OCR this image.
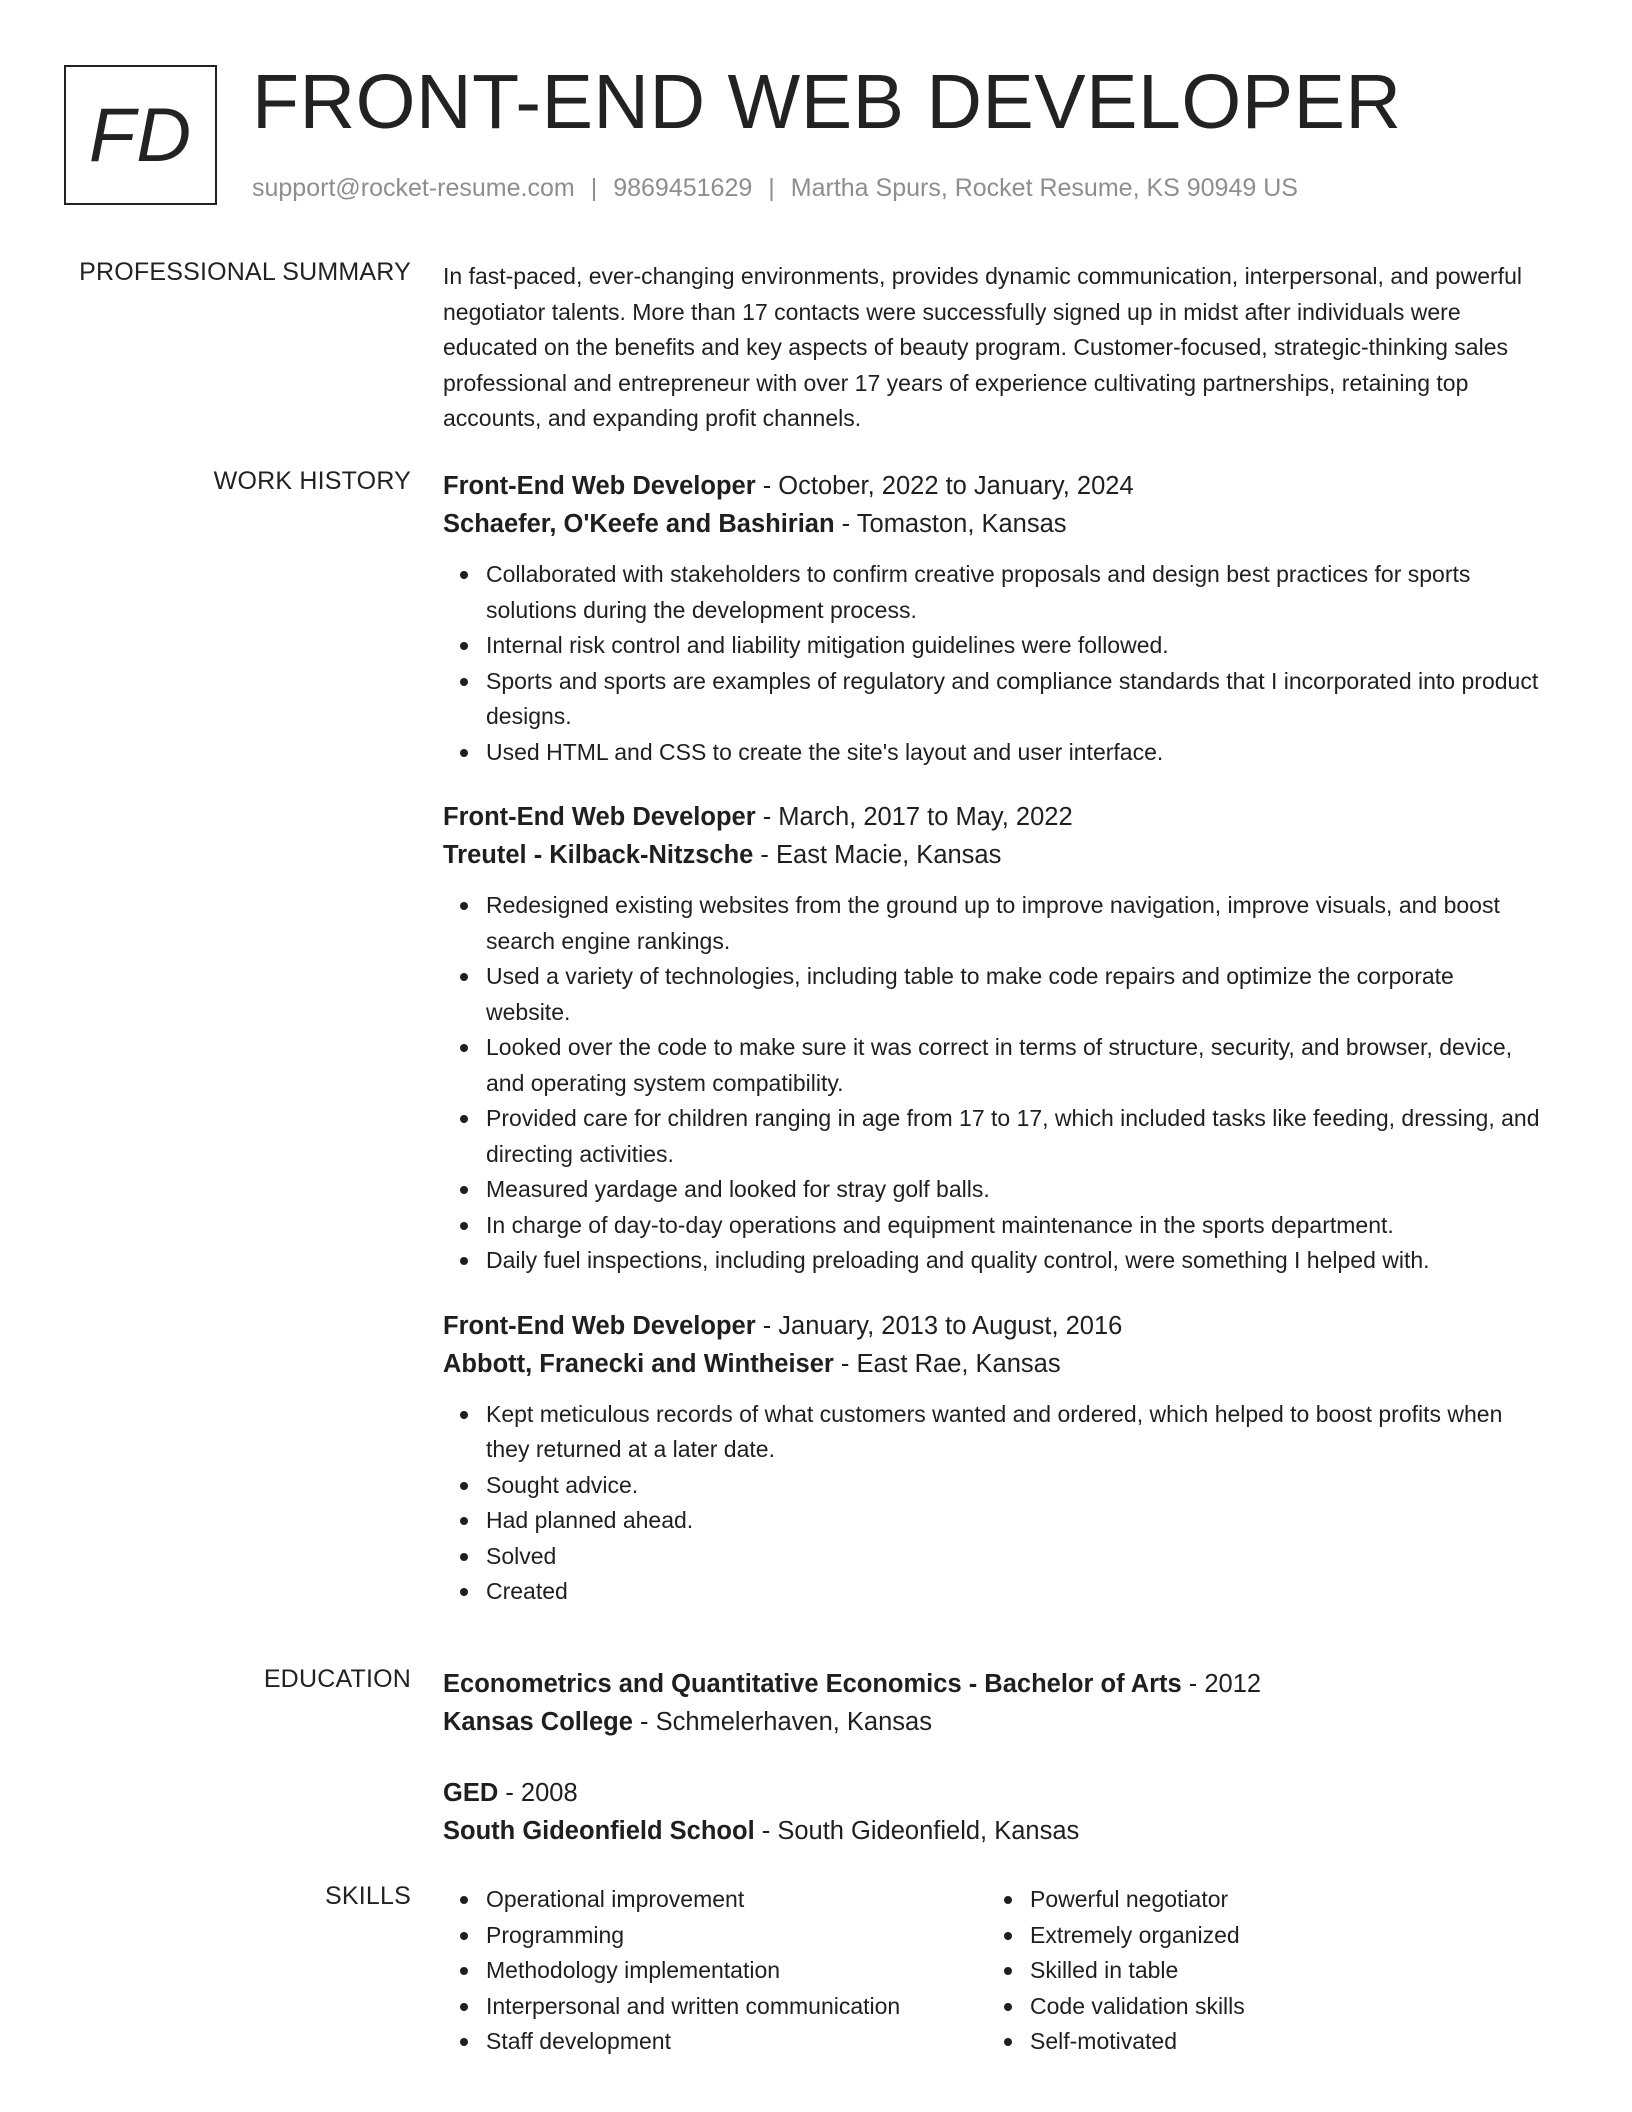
FD FRONT-END WEB DEVELOPER
support@rocket-resume.com | 9869451629 | Martha Spurs, Rocket Resume, KS 90949 US
PROFESSIONAL SUMMARY In fast-paced, ever-changing environments, provides dynamic communication, interpersonal, and powerful negotiator talents. More than 17 contacts were successfully signed up in midst after individuals were educated on the benefits and key aspects of beauty program. Customer-focused, strategic-thinking sales professional and entrepreneur with over 17 years of experience cultivating partnerships, retaining top accounts, and expanding profit channels.

WORK HISTORY Front-End Web Developer - October, 2022 to January, 2024
Schaefer, O'Keefe and Bashirian - Tomaston, Kansas
Collaborated with stakeholders to confirm creative proposals and design best practices for sports solutions during the development process.
Internal risk control and liability mitigation guidelines were followed.
Sports and sports are examples of regulatory and compliance standards that I incorporated into product designs.
Used HTML and CSS to create the site's layout and user interface.
Front-End Web Developer - March, 2017 to May, 2022
Treutel - Kilback-Nitzsche - East Macie, Kansas
Redesigned existing websites from the ground up to improve navigation, improve visuals, and boost search engine rankings.
Used a variety of technologies, including table to make code repairs and optimize the corporate website.
Looked over the code to make sure it was correct in terms of structure, security, and browser, device, and operating system compatibility.
Provided care for children ranging in age from 17 to 17, which included tasks like feeding, dressing, and directing activities.
Measured yardage and looked for stray golf balls.
In charge of day-to-day operations and equipment maintenance in the sports department.
Daily fuel inspections, including preloading and quality control, were something I helped with.
Front-End Web Developer - January, 2013 to August, 2016
Abbott, Franecki and Wintheiser - East Rae, Kansas
Kept meticulous records of what customers wanted and ordered, which helped to boost profits when they returned at a later date.
Sought advice.
Had planned ahead.
Solved
Created
EDUCATION Econometrics and Quantitative Economics - Bachelor of Arts - 2012
Kansas College - Schmelerhaven, Kansas
GED - 2008
South Gideonfield School - South Gideonfield, Kansas
SKILLS	Operational improvement
Programming
Methodology implementation
Interpersonal and written communication
Staff development
Powerful negotiator
Extremely organized
Skilled in table
Code validation skills
Self-motivated
